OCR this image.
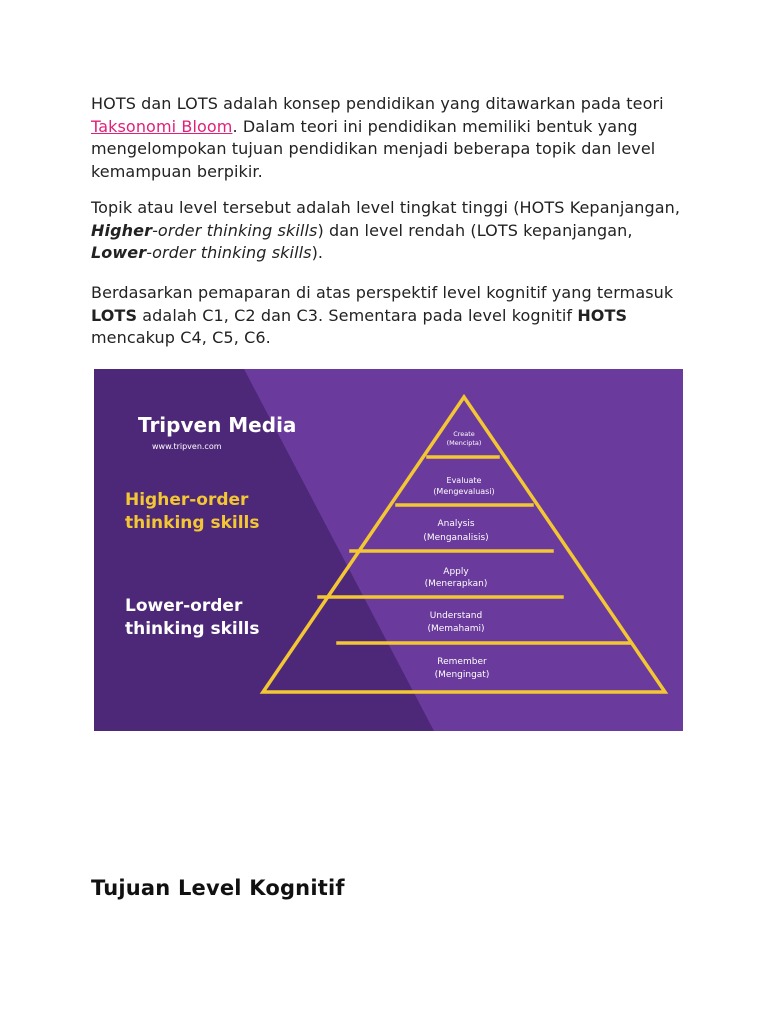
HOTS dan LOTS adalah konsep pendidikan yang ditawarkan pada teori Taksonomi Bloom. Dalam teori ini pendidikan memiliki bentuk yang mengelompokan tujuan pendidikan menjadi beberapa topik dan level kemampuan berpikir.

Topik atau level tersebut adalah level tingkat tinggi (HOTS Kepanjangan, Higher-order thinking skills) dan level rendah (LOTS kepanjangan, Lower-order thinking skills).

Berdasarkan pemaparan di atas perspektif level kognitif yang termasuk LOTS adalah C1, C2 dan C3. Sementara pada level kognitif HOTS mencakup C4, C5, C6.

Tripven Media
www.tripven.com
Higher-order
thinking skills
Lower-order
thinking skills
Create
(Mencipta)
Evaluate
(Mengevaluasi)
Analysis
(Menganalisis)
Apply
(Menerapkan)
Understand
(Memahami)
Remember
(Mengingat)
Tujuan Level Kognitif
